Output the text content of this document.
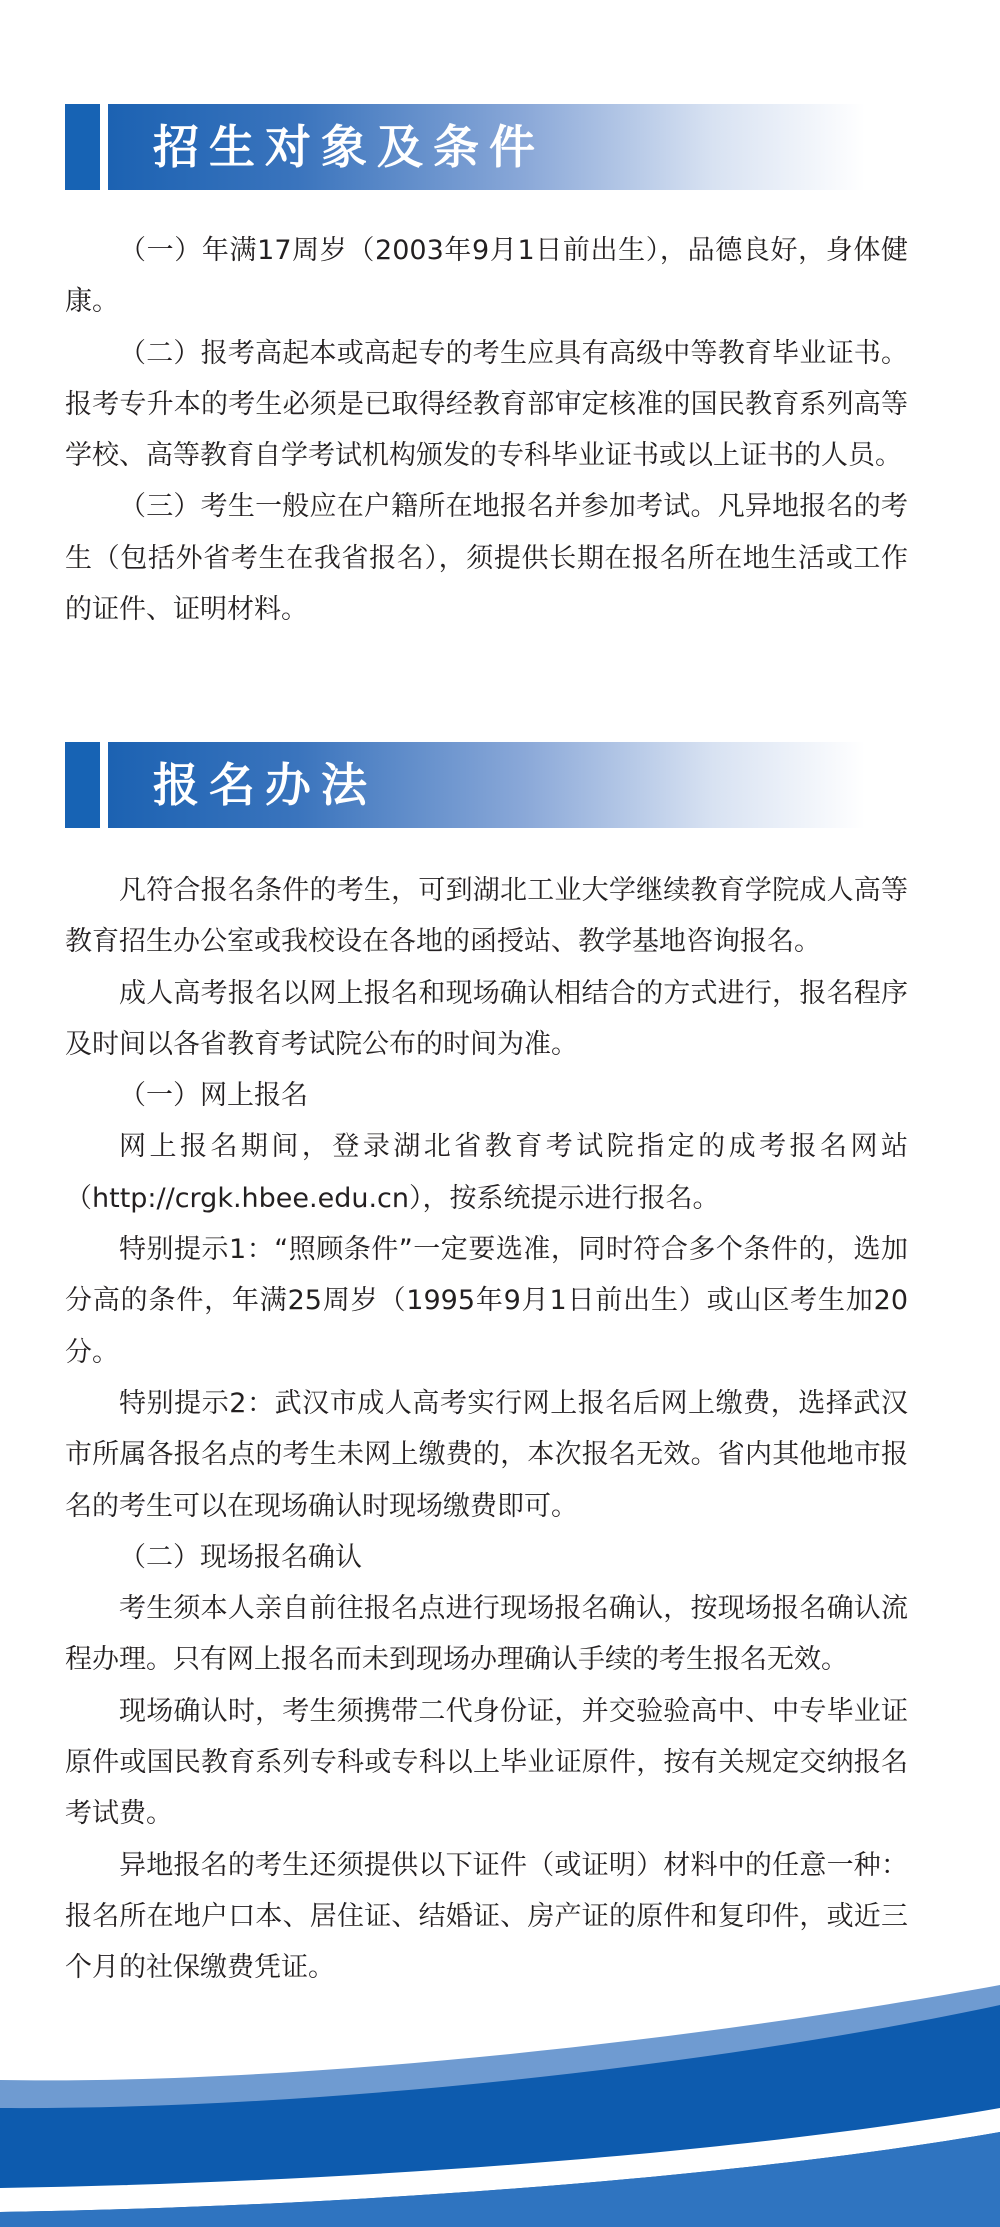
招生对象及条件

（一）年满17周岁（2003年9月1日前出生），品德良好，身体健康。

（二）报考高起本或高起专的考生应具有高级中等教育毕业证书。报考专升本的考生必须是已取得经教育部审定核准的国民教育系列高等学校、高等教育自学考试机构颁发的专科毕业证书或以上证书的人员。

（三）考生一般应在户籍所在地报名并参加考试。凡异地报名的考生（包括外省考生在我省报名），须提供长期在报名所在地生活或工作的证件、证明材料。

报名办法

凡符合报名条件的考生，可到湖北工业大学继续教育学院成人高等教育招生办公室或我校设在各地的函授站、教学基地咨询报名。

成人高考报名以网上报名和现场确认相结合的方式进行，报名程序及时间以各省教育考试院公布的时间为准。

（一）网上报名

网上报名期间，登录湖北省教育考试院指定的成考报名网站（http://crgk.hbee.edu.cn），按系统提示进行报名。

特别提示1：“照顾条件”一定要选准，同时符合多个条件的，选加分高的条件，年满25周岁（1995年9月1日前出生）或山区考生加20分。

特别提示2：武汉市成人高考实行网上报名后网上缴费，选择武汉市所属各报名点的考生未网上缴费的，本次报名无效。省内其他地市报名的考生可以在现场确认时现场缴费即可。

（二）现场报名确认

考生须本人亲自前往报名点进行现场报名确认，按现场报名确认流程办理。只有网上报名而未到现场办理确认手续的考生报名无效。

现场确认时，考生须携带二代身份证，并交验验高中、中专毕业证原件或国民教育系列专科或专科以上毕业证原件，按有关规定交纳报名考试费。

异地报名的考生还须提供以下证件（或证明）材料中的任意一种：报名所在地户口本、居住证、结婚证、房产证的原件和复印件，或近三个月的社保缴费凭证。
